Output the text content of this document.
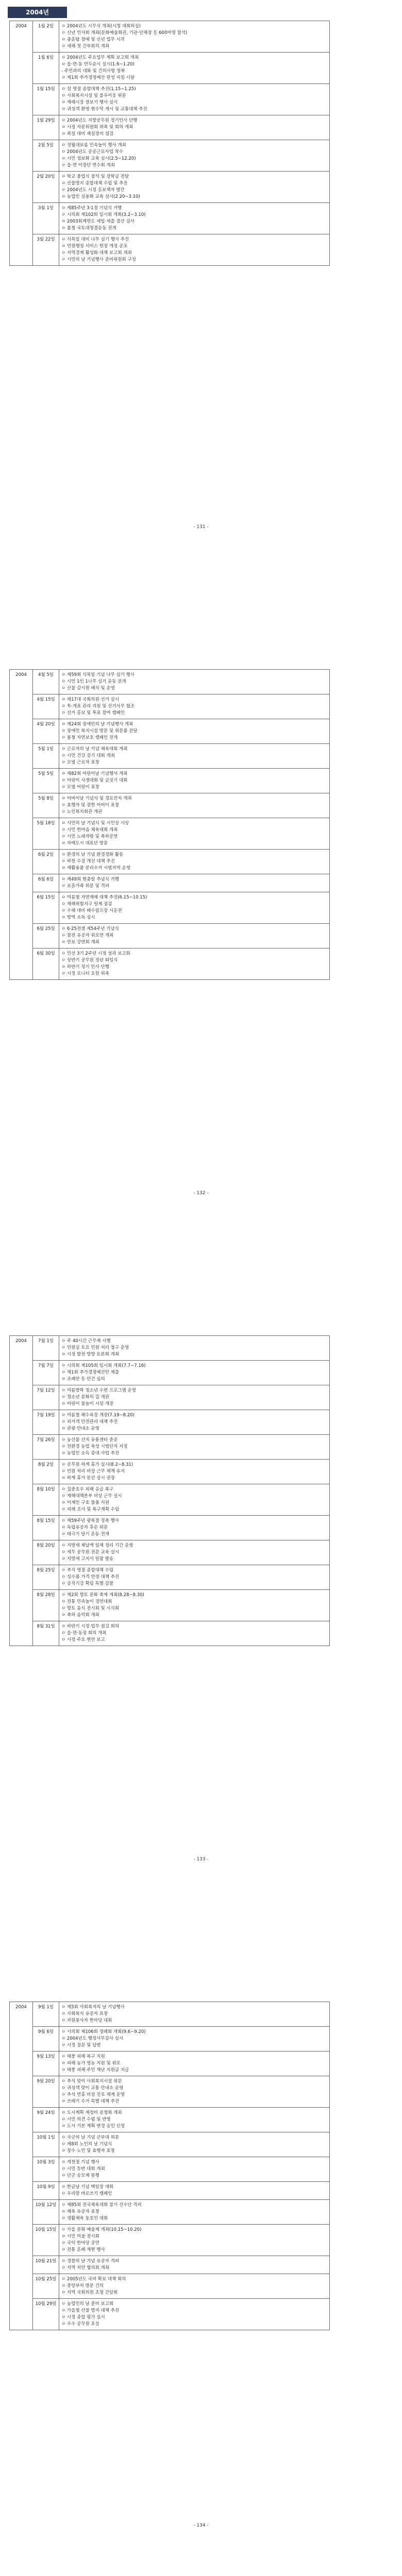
2004년
2004	1월 2일	ㅇ 2004년도 시무식 개최(시청 대회의실)
ㅇ 신년 인사회 개최(문화예술회관, 기관·단체장 등 600여명 참석)
ㅇ 충혼탑 참배 및 신년 업무 시작
ㅇ 새해 첫 간부회의 개최

	1월 6일	ㅇ 2004년도 주요업무 계획 보고회 개최
ㅇ 읍·면·동 연두순시 실시(1.6~1.20)
- 주민과의 대화 및 건의사항 청취
ㅇ 제1회 추가경정예산 편성 지침 시달

	1월 15일	ㅇ 설 명절 종합대책 추진(1.15~1.25)
ㅇ 사회복지시설 및 불우이웃 위문
ㅇ 재래시장 장보기 행사 실시
ㅇ 귀성객 환영 현수막 게시 및 교통대책 추진

	1월 29일	ㅇ 2004년도 지방공무원 정기인사 단행
ㅇ 시정 자문위원회 위촉 및 회의 개최
ㅇ 폭설 대비 제설장비 점검

	2월 5일	ㅇ 정월대보름 민속놀이 행사 개최
ㅇ 2004년도 공공근로사업 착수
ㅇ 시민 정보화 교육 실시(2.5~12.20)
ㅇ 읍·면 이장단 연수회 개최

	2월 20일	ㅇ 학교 졸업식 참석 및 장학금 전달
ㅇ 산불방지 종합대책 수립 및 추진
ㅇ 2004년도 시정 홍보책자 발간
ㅇ 농업인 실용화 교육 실시(2.20~3.10)

	3월 1일	ㅇ 제85주년 3·1절 기념식 거행
ㅇ 시의회 제102회 임시회 개회(3.2~3.10)
ㅇ 2003회계연도 세입·세출 결산 검사
ㅇ 봄철 국토대청결운동 전개

	3월 22일	ㅇ 식목일 대비 나무 심기 행사 추진
ㅇ 민원행정 서비스 헌장 개정 공포
ㅇ 지역경제 활성화 대책 보고회 개최
ㅇ 시민의 날 기념행사 준비위원회 구성
- 131 -
2004	4월 5일	ㅇ 제59회 식목일 기념 나무 심기 행사
ㅇ 시민 1인 1나무 심기 운동 전개
ㅇ 산불 감시원 배치 및 운영

	4월 15일	ㅇ 제17대 국회의원 선거 실시
ㅇ 투·개표 관리 지원 및 선거사무 협조
ㅇ 선거 홍보 및 투표 참여 캠페인

	4월 20일	ㅇ 제24회 장애인의 날 기념행사 개최
ㅇ 장애인 복지시설 방문 및 위문품 전달
ㅇ 봄철 자연보호 캠페인 전개

	5월 1일	ㅇ 근로자의 날 기념 체육대회 개최
ㅇ 시민 건강 걷기 대회 개최
ㅇ 모범 근로자 표창

	5월 5일	ㅇ 제82회 어린이날 기념행사 개최
ㅇ 어린이 사생대회 및 글짓기 대회
ㅇ 모범 어린이 표창

	5월 8일	ㅇ 어버이날 기념식 및 경로잔치 개최
ㅇ 효행자 및 장한 어버이 표창
ㅇ 노인복지회관 개관

	5월 18일	ㅇ 시민의 날 기념식 및 시민상 시상
ㅇ 시민 한마음 체육대회 개최
ㅇ 시민 노래자랑 및 축하공연
ㅇ 자매도시 대표단 방문

	6월 2일	ㅇ 환경의 날 기념 환경정화 활동
ㅇ 하천 수질 개선 대책 추진
ㅇ 재활용품 분리수거 시범지역 운영

	6월 6일	ㅇ 제49회 현충일 추념식 거행
ㅇ 보훈가족 위문 및 격려

	6월 15일	ㅇ 여름철 자연재해 대책 추진(6.15~10.15)
ㅇ 재해위험지구 일제 점검
ㅇ 수해 대비 배수펌프장 시운전
ㅇ 방역 소독 실시

	6월 25일	ㅇ 6·25전쟁 제54주년 기념식
ㅇ 참전 유공자 위로연 개최
ㅇ 안보 강연회 개최

	6월 30일	ㅇ 민선 3기 2주년 시정 성과 보고회
ㅇ 상반기 공무원 정년 퇴임식
ㅇ 하반기 정기 인사 단행
ㅇ 시정 모니터 요원 위촉
- 132 -
2004	7월 1일	ㅇ 주 40시간 근무제 시행
ㅇ 민원실 토요 민원 처리 창구 운영
ㅇ 시정 발전 방향 토론회 개최

	7월 7일	ㅇ 시의회 제105회 임시회 개회(7.7~7.16)
ㅇ 제1회 추가경정예산안 제출
ㅇ 조례안 등 안건 심의

	7월 12일	ㅇ 여름방학 청소년 수련 프로그램 운영
ㅇ 청소년 문화의 집 개관
ㅇ 어린이 물놀이 시설 개장

	7월 19일	ㅇ 여름철 해수욕장 개장(7.19~8.20)
ㅇ 피서객 안전관리 대책 추진
ㅇ 관광 안내소 운영

	7월 26일	ㅇ 농산물 산지 유통센터 준공
ㅇ 친환경 농업 육성 시범단지 지정
ㅇ 농업인 소득 증대 사업 추진

	8월 2일	ㅇ 공무원 하계 휴가 실시(8.2~8.31)
ㅇ 민원 처리 비상 근무 체계 유지
ㅇ 하계 휴가 분산 실시 권장

	8월 10일	ㅇ 집중호우 피해 응급 복구
ㅇ 재해대책본부 비상 근무 실시
ㅇ 이재민 구호 물품 지원
ㅇ 피해 조사 및 복구계획 수립

	8월 15일	ㅇ 제59주년 광복절 경축 행사
ㅇ 독립유공자 후손 위문
ㅇ 태극기 달기 운동 전개

	8월 20일	ㅇ 지방세 체납액 일제 정리 기간 운영
ㅇ 세무 공무원 전문 교육 실시
ㅇ 지방세 고지서 일괄 발송

	8월 25일	ㅇ 추석 명절 종합대책 수립
ㅇ 성수품 가격 안정 대책 추진
ㅇ 공직기강 확립 특별 감찰

	8월 28일	ㅇ 제2회 향토 문화 축제 개최(8.28~8.30)
ㅇ 전통 민속놀이 경연대회
ㅇ 향토 음식 전시회 및 시식회
ㅇ 축하 음악회 개최

	8월 31일	ㅇ 하반기 시정 업무 점검 회의
ㅇ 읍·면·동장 회의 개최
ㅇ 시정 주요 현안 보고
- 133 -
2004	9월 1일	ㅇ 제5회 사회복지의 날 기념행사
ㅇ 사회복지 유공자 표창
ㅇ 자원봉사자 한마당 대회

	9월 6일	ㅇ 시의회 제106회 정례회 개회(9.6~9.20)
ㅇ 2004년도 행정사무감사 실시
ㅇ 시정 질문 및 답변

	9월 13일	ㅇ 태풍 피해 복구 지원
ㅇ 피해 농가 영농 지원 및 위로
ㅇ 태풍 피해 주민 재난 지원금 지급

	9월 20일	ㅇ 추석 맞이 사회복지시설 위문
ㅇ 귀성객 맞이 교통 안내소 운영
ㅇ 추석 연휴 비상 진료 체계 운영
ㅇ 쓰레기 수거 특별 대책 추진

	9월 24일	ㅇ 도시계획 재정비 공청회 개최
ㅇ 시민 의견 수렴 및 반영
ㅇ 도시 기본 계획 변경 승인 신청

	10월 1일	ㅇ 국군의 날 기념 군부대 위문
ㅇ 제8회 노인의 날 기념식
ㅇ 장수 노인 및 효행자 표창

	10월 3일	ㅇ 개천절 기념 행사
ㅇ 시민 등반 대회 개최
ㅇ 단군 숭모제 봉행

	10월 9일	ㅇ 한글날 기념 백일장 대회
ㅇ 우리말 바로쓰기 캠페인

	10월 12일	ㅇ 제85회 전국체육대회 참가 선수단 격려
ㅇ 체육 유공자 표창
ㅇ 생활체육 동호인 대회

	10월 15일	ㅇ 가을 문화 예술제 개최(10.15~10.20)
ㅇ 시민 미술 전시회
ㅇ 국악 한마당 공연
ㅇ 전통 혼례 재현 행사

	10월 21일	ㅇ 경찰의 날 기념 유공자 격려
ㅇ 지역 치안 협의회 개최

	10월 25일	ㅇ 2005년도 국비 확보 대책 회의
ㅇ 중앙부처 방문 건의
ㅇ 지역 국회의원 초청 간담회

	10월 29일	ㅇ 농업인의 날 준비 보고회
ㅇ 가을철 산불 방지 대책 추진
ㅇ 시정 종합 평가 실시
ㅇ 우수 공무원 포상
- 134 -
